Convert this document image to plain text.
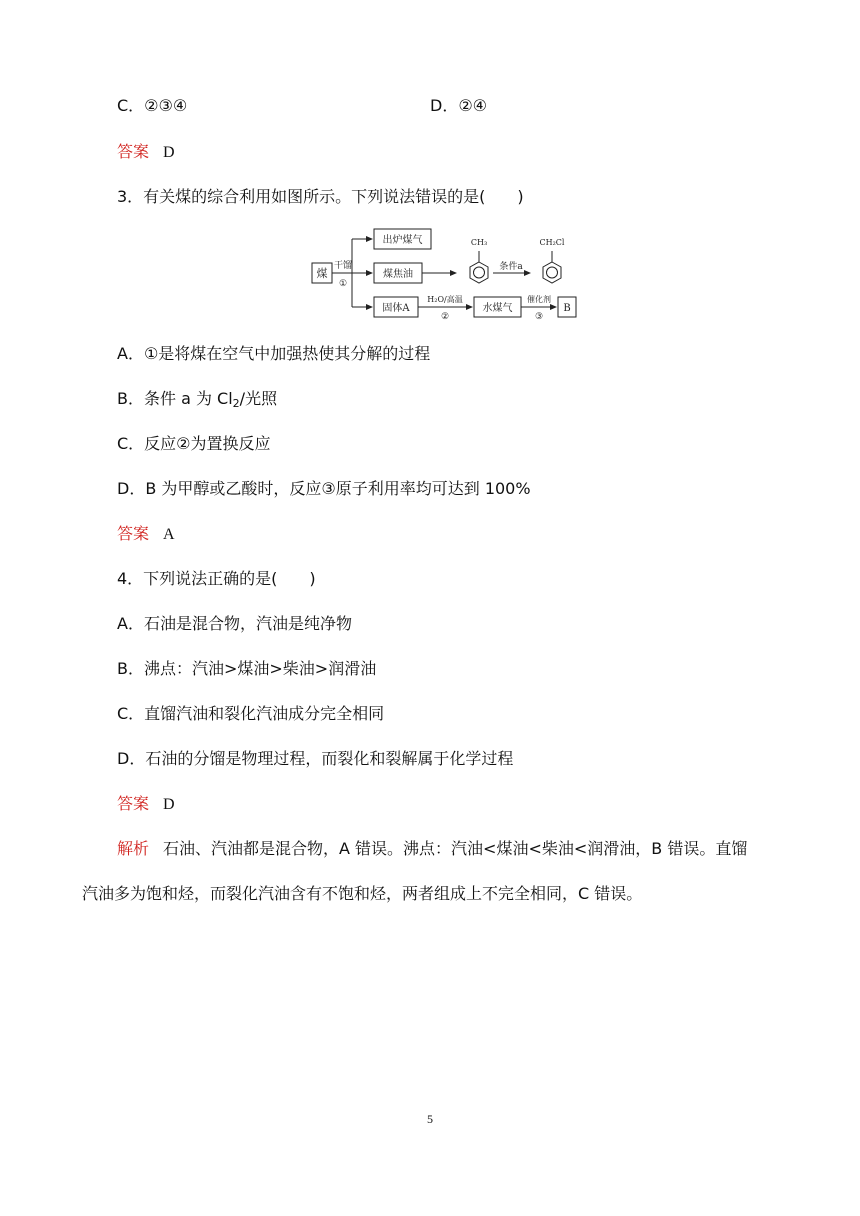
C．②③④	D．②④
答案 D
3．有关煤的综合利用如图所示。下列说法错误的是(　　)
煤
干馏
①
出炉煤气
煤焦油
固体A
CH₃
条件a
CH₂Cl
H₂O/高温
②
水煤气
催化剂
③
B
A．①是将煤在空气中加强热使其分解的过程
B．条件 a 为 $Cl_2/$光照
C．反应②为置换反应
D．B 为甲醇或乙酸时，反应③原子利用率均可达到 100%
答案 A
4．下列说法正确的是(　　)
A．石油是混合物，汽油是纯净物
B．沸点：汽油>煤油>柴油>润滑油
C．直馏汽油和裂化汽油成分完全相同
D．石油的分馏是物理过程，而裂化和裂解属于化学过程
答案 D
解析 石油、汽油都是混合物，A 错误。沸点：汽油<煤油<柴油<润滑油，B 错误。直馏
汽油多为饱和烃，而裂化汽油含有不饱和烃，两者组成上不完全相同，C 错误。
5
